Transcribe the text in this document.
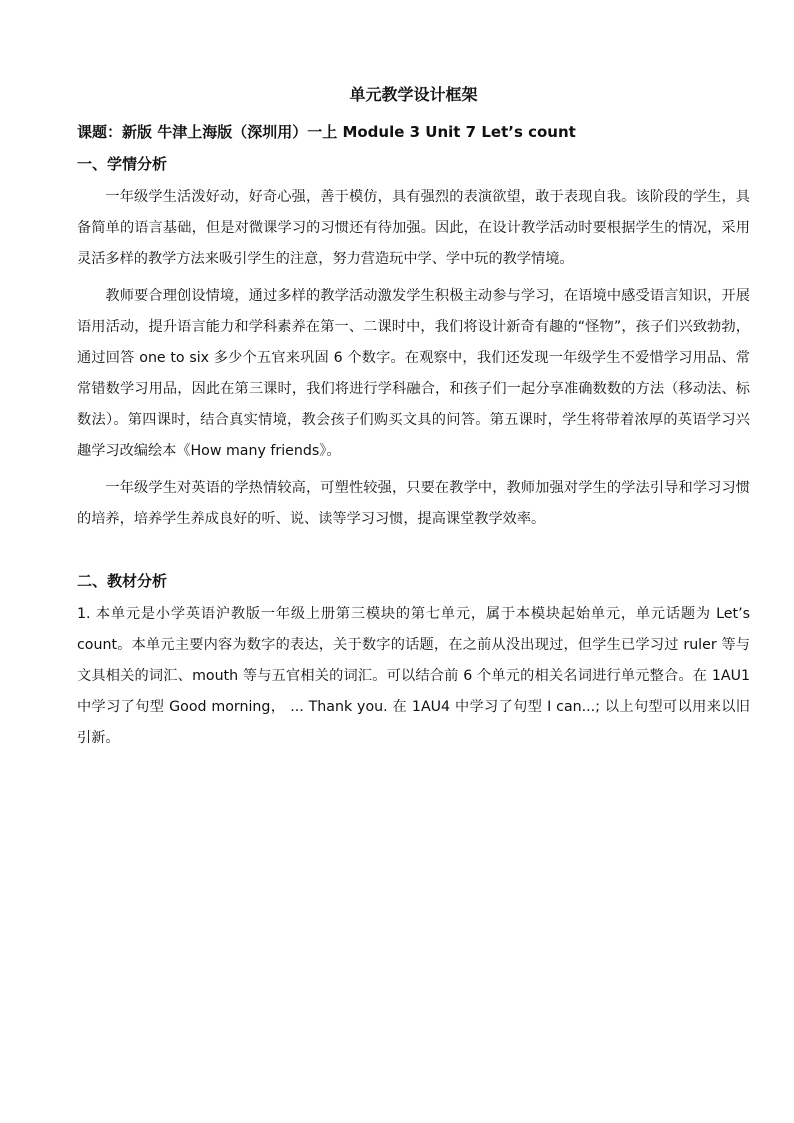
单元教学设计框架
课题：新版 牛津上海版（深圳用）一上 Module 3 Unit 7 Let’s count
一、学情分析

一年级学生活泼好动，好奇心强，善于模仿，具有强烈的表演欲望，敢于表现自我。该阶段的学生，具备简单的语言基础，但是对微课学习的习惯还有待加强。因此，在设计教学活动时要根据学生的情况，采用灵活多样的教学方法来吸引学生的注意，努力营造玩中学、学中玩的教学情境。

教师要合理创设情境，通过多样的教学活动激发学生积极主动参与学习，在语境中感受语言知识，开展语用活动，提升语言能力和学科素养在第一、二课时中，我们将设计新奇有趣的“怪物”，孩子们兴致勃勃，通过回答 one to six 多少个五官来巩固 6 个数字。在观察中，我们还发现一年级学生不爱惜学习用品、常常错数学习用品，因此在第三课时，我们将进行学科融合，和孩子们一起分享准确数数的方法（移动法、标数法）。第四课时，结合真实情境，教会孩子们购买文具的问答。第五课时，学生将带着浓厚的英语学习兴趣学习改编绘本《How many friends》。

一年级学生对英语的学热情较高，可塑性较强，只要在教学中，教师加强对学生的学法引导和学习习惯的培养，培养学生养成良好的听、说、读等学习习惯，提高课堂教学效率。

二、教材分析

1. 本单元是小学英语沪教版一年级上册第三模块的第七单元，属于本模块起始单元，单元话题为 Let’s count。本单元主要内容为数字的表达，关于数字的话题，在之前从没出现过，但学生已学习过 ruler 等与文具相关的词汇、mouth 等与五官相关的词汇。可以结合前 6 个单元的相关名词进行单元整合。在 1AU1 中学习了句型 Good morning， ... Thank you. 在 1AU4 中学习了句型 I can...; 以上句型可以用来以旧引新。
